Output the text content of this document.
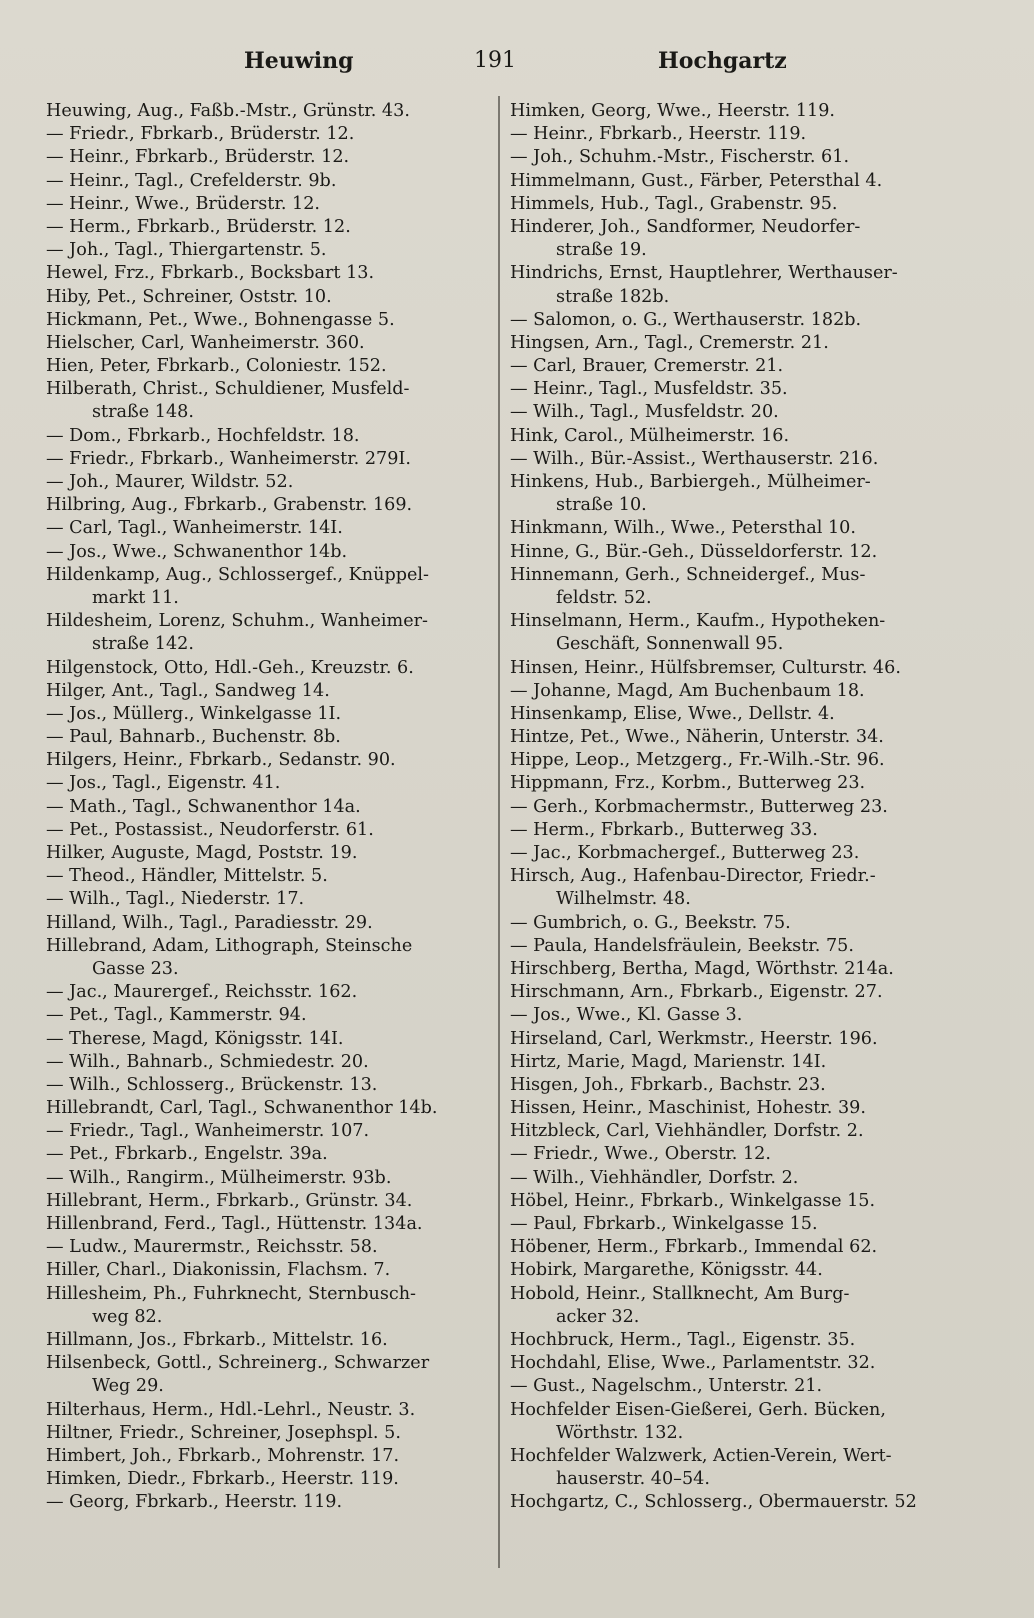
Heuwing	191	Hochgartz
Heuwing, Aug., Faßb.-Mstr., Grünstr. 43.
— Friedr., Fbrkarb., Brüderstr. 12.
— Heinr., Fbrkarb., Brüderstr. 12.
— Heinr., Tagl., Crefelderstr. 9b.
— Heinr., Wwe., Brüderstr. 12.
— Herm., Fbrkarb., Brüderstr. 12.
— Joh., Tagl., Thiergartenstr. 5.
Hewel, Frz., Fbrkarb., Bocksbart 13.
Hiby, Pet., Schreiner, Oststr. 10.
Hickmann, Pet., Wwe., Bohnengasse 5.
Hielscher, Carl, Wanheimerstr. 360.
Hien, Peter, Fbrkarb., Coloniestr. 152.
Hilberath, Christ., Schuldiener, Musfeld-
straße 148.
— Dom., Fbrkarb., Hochfeldstr. 18.
— Friedr., Fbrkarb., Wanheimerstr. 279I.
— Joh., Maurer, Wildstr. 52.
Hilbring, Aug., Fbrkarb., Grabenstr. 169.
— Carl, Tagl., Wanheimerstr. 14I.
— Jos., Wwe., Schwanenthor 14b.
Hildenkamp, Aug., Schlossergef., Knüppel-
markt 11.
Hildesheim, Lorenz, Schuhm., Wanheimer-
straße 142.
Hilgenstock, Otto, Hdl.-Geh., Kreuzstr. 6.
Hilger, Ant., Tagl., Sandweg 14.
— Jos., Müllerg., Winkelgasse 1I.
— Paul, Bahnarb., Buchenstr. 8b.
Hilgers, Heinr., Fbrkarb., Sedanstr. 90.
— Jos., Tagl., Eigenstr. 41.
— Math., Tagl., Schwanenthor 14a.
— Pet., Postassist., Neudorferstr. 61.
Hilker, Auguste, Magd, Poststr. 19.
— Theod., Händler, Mittelstr. 5.
— Wilh., Tagl., Niederstr. 17.
Hilland, Wilh., Tagl., Paradiesstr. 29.
Hillebrand, Adam, Lithograph, Steinsche
Gasse 23.
— Jac., Maurergef., Reichsstr. 162.
— Pet., Tagl., Kammerstr. 94.
— Therese, Magd, Königsstr. 14I.
— Wilh., Bahnarb., Schmiedestr. 20.
— Wilh., Schlosserg., Brückenstr. 13.
Hillebrandt, Carl, Tagl., Schwanenthor 14b.
— Friedr., Tagl., Wanheimerstr. 107.
— Pet., Fbrkarb., Engelstr. 39a.
— Wilh., Rangirm., Mülheimerstr. 93b.
Hillebrant, Herm., Fbrkarb., Grünstr. 34.
Hillenbrand, Ferd., Tagl., Hüttenstr. 134a.
— Ludw., Maurermstr., Reichsstr. 58.
Hiller, Charl., Diakonissin, Flachsm. 7.
Hillesheim, Ph., Fuhrknecht, Sternbusch-
weg 82.
Hillmann, Jos., Fbrkarb., Mittelstr. 16.
Hilsenbeck, Gottl., Schreinerg., Schwarzer
Weg 29.
Hilterhaus, Herm., Hdl.-Lehrl., Neustr. 3.
Hiltner, Friedr., Schreiner, Josephspl. 5.
Himbert, Joh., Fbrkarb., Mohrenstr. 17.
Himken, Diedr., Fbrkarb., Heerstr. 119.
— Georg, Fbrkarb., Heerstr. 119.
Himken, Georg, Wwe., Heerstr. 119.
— Heinr., Fbrkarb., Heerstr. 119.
— Joh., Schuhm.-Mstr., Fischerstr. 61.
Himmelmann, Gust., Färber, Petersthal 4.
Himmels, Hub., Tagl., Grabenstr. 95.
Hinderer, Joh., Sandformer, Neudorfer-
straße 19.
Hindrichs, Ernst, Hauptlehrer, Werthauser-
straße 182b.
— Salomon, o. G., Werthauserstr. 182b.
Hingsen, Arn., Tagl., Cremerstr. 21.
— Carl, Brauer, Cremerstr. 21.
— Heinr., Tagl., Musfeldstr. 35.
— Wilh., Tagl., Musfeldstr. 20.
Hink, Carol., Mülheimerstr. 16.
— Wilh., Bür.-Assist., Werthauserstr. 216.
Hinkens, Hub., Barbiergeh., Mülheimer-
straße 10.
Hinkmann, Wilh., Wwe., Petersthal 10.
Hinne, G., Bür.-Geh., Düsseldorferstr. 12.
Hinnemann, Gerh., Schneidergef., Mus-
feldstr. 52.
Hinselmann, Herm., Kaufm., Hypotheken-
Geschäft, Sonnenwall 95.
Hinsen, Heinr., Hülfsbremser, Culturstr. 46.
— Johanne, Magd, Am Buchenbaum 18.
Hinsenkamp, Elise, Wwe., Dellstr. 4.
Hintze, Pet., Wwe., Näherin, Unterstr. 34.
Hippe, Leop., Metzgerg., Fr.-Wilh.-Str. 96.
Hippmann, Frz., Korbm., Butterweg 23.
— Gerh., Korbmachermstr., Butterweg 23.
— Herm., Fbrkarb., Butterweg 33.
— Jac., Korbmachergef., Butterweg 23.
Hirsch, Aug., Hafenbau-Director, Friedr.-
Wilhelmstr. 48.
— Gumbrich, o. G., Beekstr. 75.
— Paula, Handelsfräulein, Beekstr. 75.
Hirschberg, Bertha, Magd, Wörthstr. 214a.
Hirschmann, Arn., Fbrkarb., Eigenstr. 27.
— Jos., Wwe., Kl. Gasse 3.
Hirseland, Carl, Werkmstr., Heerstr. 196.
Hirtz, Marie, Magd, Marienstr. 14I.
Hisgen, Joh., Fbrkarb., Bachstr. 23.
Hissen, Heinr., Maschinist, Hohestr. 39.
Hitzbleck, Carl, Viehhändler, Dorfstr. 2.
— Friedr., Wwe., Oberstr. 12.
— Wilh., Viehhändler, Dorfstr. 2.
Höbel, Heinr., Fbrkarb., Winkelgasse 15.
— Paul, Fbrkarb., Winkelgasse 15.
Höbener, Herm., Fbrkarb., Immendal 62.
Hobirk, Margarethe, Königsstr. 44.
Hobold, Heinr., Stallknecht, Am Burg-
acker 32.
Hochbruck, Herm., Tagl., Eigenstr. 35.
Hochdahl, Elise, Wwe., Parlamentstr. 32.
— Gust., Nagelschm., Unterstr. 21.
Hochfelder Eisen-Gießerei, Gerh. Bücken,
Wörthstr. 132.
Hochfelder Walzwerk, Actien-Verein, Wert-
hauserstr. 40–54.
Hochgartz, C., Schlosserg., Obermauerstr. 52
